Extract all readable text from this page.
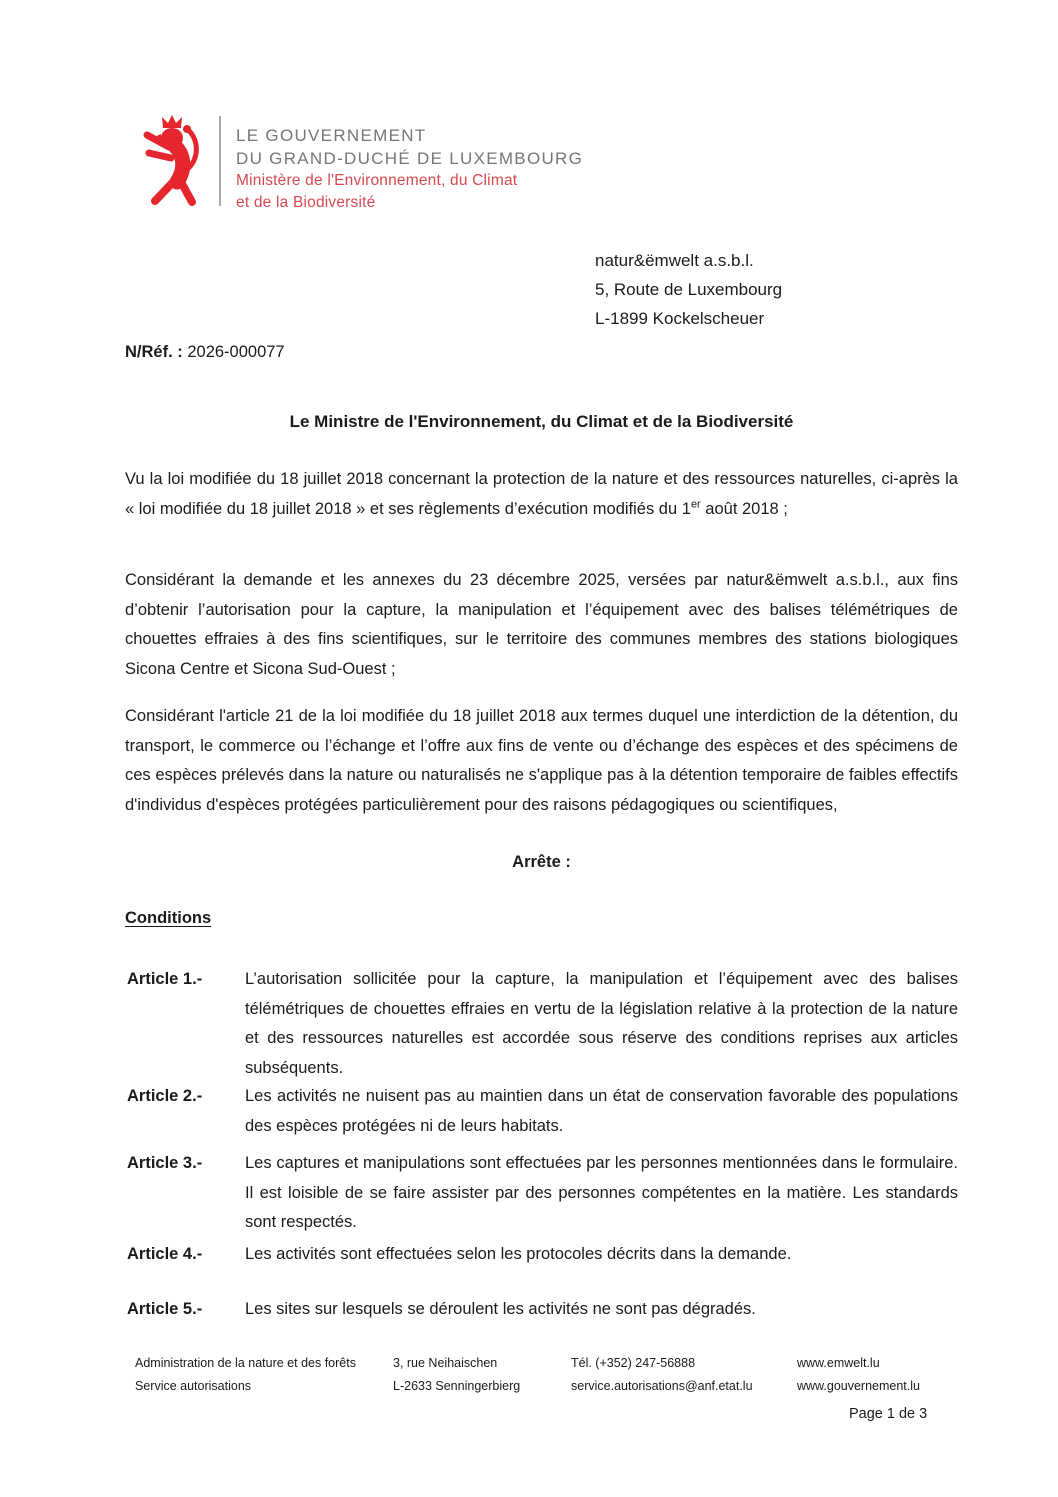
LE GOUVERNEMENT
DU GRAND-DUCHÉ DE LUXEMBOURG
Ministère de l'Environnement, du Climat
et de la Biodiversité
natur&ëmwelt a.s.b.l.
5, Route de Luxembourg
L-1899 Kockelscheuer
N/Réf. : 2026-000077
Le Ministre de l'Environnement, du Climat et de la Biodiversité
Vu la loi modifiée du 18 juillet 2018 concernant la protection de la nature et des ressources naturelles, ci-après la « loi modifiée du 18 juillet 2018 » et ses règlements d’exécution modifiés du 1er août 2018 ;
Considérant la demande et les annexes du 23 décembre 2025, versées par natur&ëmwelt a.s.b.l., aux fins d’obtenir l’autorisation pour la capture, la manipulation et l’équipement avec des balises télémétriques de chouettes effraies à des fins scientifiques, sur le territoire des communes membres des stations biologiques Sicona Centre et Sicona Sud-Ouest ;
Considérant l'article 21 de la loi modifiée du 18 juillet 2018 aux termes duquel une interdiction de la détention, du transport, le commerce ou l’échange et l’offre aux fins de vente ou d’échange des espèces et des spécimens de ces espèces prélevés dans la nature ou naturalisés ne s'applique pas à la détention temporaire de faibles effectifs d'individus d'espèces protégées particulièrement pour des raisons pédagogiques ou scientifiques,
Arrête :
Conditions
Article 1.-	L’autorisation sollicitée pour la capture, la manipulation et l’équipement avec des balises télémétriques de chouettes effraies en vertu de la législation relative à la protection de la nature et des ressources naturelles est accordée sous réserve des conditions reprises aux articles subséquents.
Article 2.-	Les activités ne nuisent pas au maintien dans un état de conservation favorable des populations des espèces protégées ni de leurs habitats.
Article 3.-	Les captures et manipulations sont effectuées par les personnes mentionnées dans le formulaire. Il est loisible de se faire assister par des personnes compétentes en la matière. Les standards sont respectés.
Article 4.-	Les activités sont effectuées selon les protocoles décrits dans la demande.
Article 5.-	Les sites sur lesquels se déroulent les activités ne sont pas dégradés.
Administration de la nature et des forêts
Service autorisations
3, rue Neihaischen
L-2633 Senningerbierg
Tél. (+352) 247-56888
service.autorisations@anf.etat.lu
www.emwelt.lu
www.gouvernement.lu
Page 1 de 3
